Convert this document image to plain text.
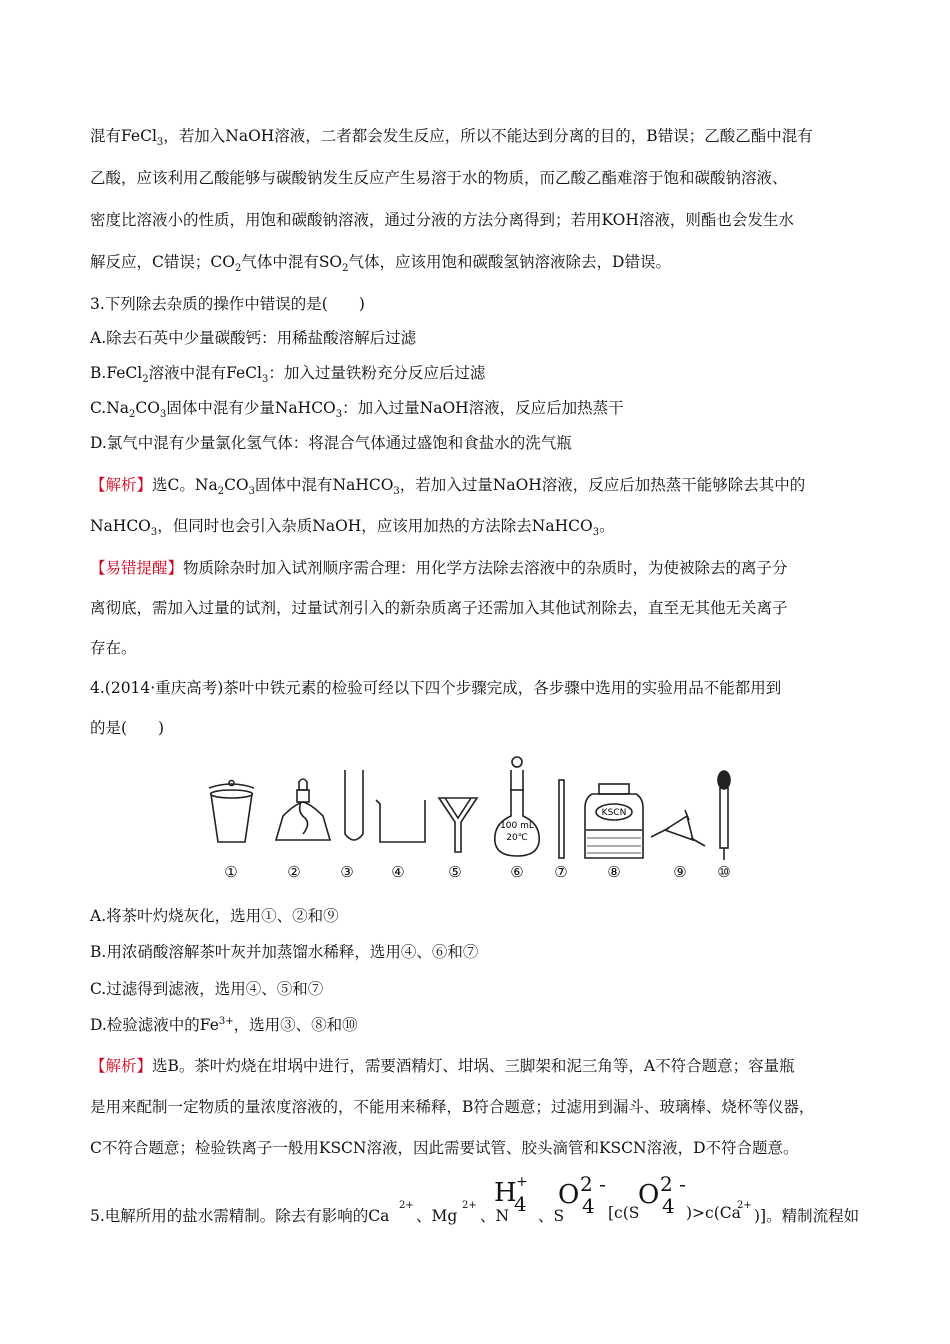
混有FeCl$_3$，若加入NaOH溶液，二者都会发生反应，所以不能达到分离的目的，B错误；乙酸乙酯中混有
乙酸，应该利用乙酸能够与碳酸钠发生反应产生易溶于水的物质，而乙酸乙酯难溶于饱和碳酸钠溶液、
密度比溶液小的性质，用饱和碳酸钠溶液，通过分液的方法分离得到；若用KOH溶液，则酯也会发生水
解反应，C错误；$CO_2$气体中混有$SO_2$气体，应该用饱和碳酸氢钠溶液除去，D错误。
3.下列除去杂质的操作中错误的是(　　)
A.除去石英中少量碳酸钙：用稀盐酸溶解后过滤
B.FeCl$_2$溶液中混有FeCl$_3$：加入过量铁粉充分反应后过滤
$C.Na_2CO_3$固体中混有少量NaHCO$_3$：加入过量NaOH溶液，反应后加热蒸干
D.氯气中混有少量氯化氢气体：将混合气体通过盛饱和食盐水的洗气瓶
【解析】选C。$Na_2CO_3$固体中混有NaHCO$_3$，若加入过量NaOH溶液，反应后加热蒸干能够除去其中的
NaHCO$_3$，但同时也会引入杂质NaOH，应该用加热的方法除去NaHCO$_3$。
【易错提醒】物质除杂时加入试剂顺序需合理：用化学方法除去溶液中的杂质时，为使被除去的离子分
离彻底，需加入过量的试剂，过量试剂引入的新杂质离子还需加入其他试剂除去，直至无其他无关离子
存在。
4.(2014·重庆高考)茶叶中铁元素的检验可经以下四个步骤完成，各步骤中选用的实验用品不能都用到
的是(　　)
100 mL
20℃
KSCN
①	②	③	④	⑤	⑥ ⑦	⑧	⑨ ⑩
A.将茶叶灼烧灰化，选用①、②和⑨
B.用浓硝酸溶解茶叶灰并加蒸馏水稀释，选用④、⑥和⑦
C.过滤得到滤液，选用④、⑤和⑦
D.检验滤液中的$Fe^{3+}$，选用③、⑧和⑩
【解析】选B。茶叶灼烧在坩埚中进行，需要酒精灯、坩埚、三脚架和泥三角等，A不符合题意；容量瓶
是用来配制一定物质的量浓度溶液的，不能用来稀释，B符合题意；过滤用到漏斗、玻璃棒、烧杯等仪器，
C不符合题意；检验铁离子一般用KSCN溶液，因此需要试管、胶头滴管和KSCN溶液，D不符合题意。
5.电解所用的盐水需精制。除去有影响的Ca
2+
、Mg
2+
、N
H +
4 、S
O 2 -
4 [c(S
O 2 -
4 )>c(Ca
2+
)]。精制流程如
